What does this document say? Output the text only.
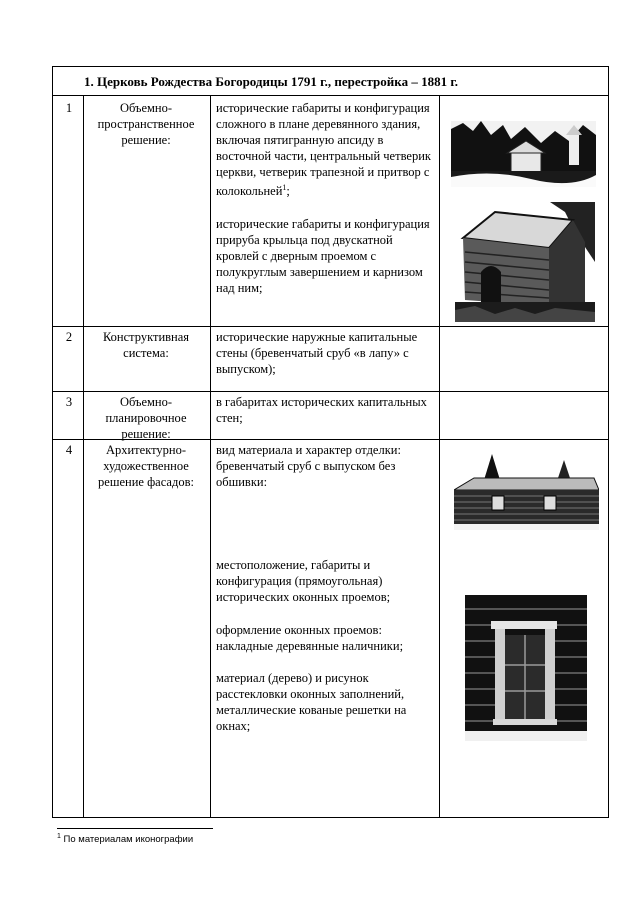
1. Церковь Рождества Богородицы 1791 г., перестройка – 1881 г.
1	Объемно-пространственное решение:

исторические габариты и конфигурация сложного в плане деревянного здания, включая пятигранную апсиду в восточной части, центральный четверик церкви, четверик трапезной и притвор с колокольней$^1$;

исторические габариты и конфигурация прируба крыльца под двускатной кровлей с дверным проемом с полукруглым завершением и карнизом над ним;

2	Конструктивная система:
исторические наружные капитальные стены (бревенчатый сруб «в лапу» с выпуском);
3	Объемно-планировочное решение:
в габаритах исторических капитальных стен;
4	Архитектурно-художественное решение фасадов:
вид материала и характер отделки: бревенчатый сруб с выпуском без обшивки:
местоположение, габариты и конфигурация (прямоугольная) исторических оконных проемов;
оформление оконных проемов: накладные деревянные наличники;
материал (дерево) и рисунок расстекловки оконных заполнений, металлические кованые решетки на окнах;
$^1$ По материалам иконографии
